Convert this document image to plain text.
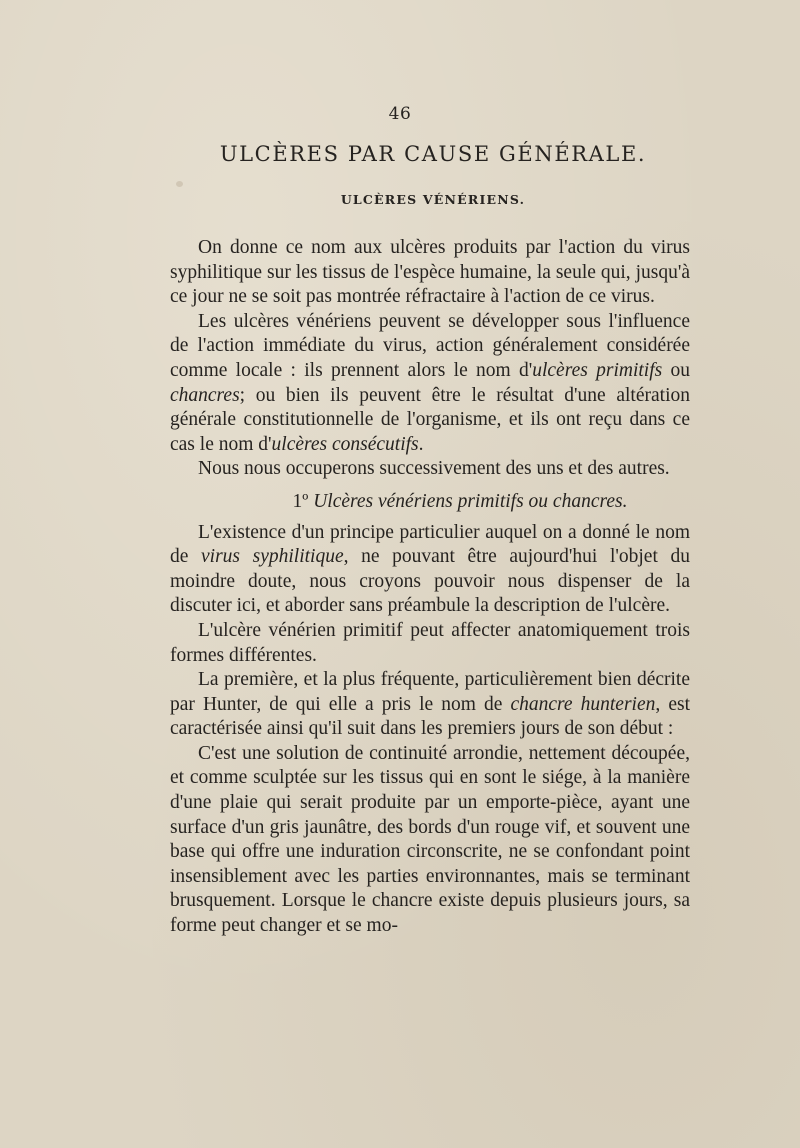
46
ULCÈRES PAR CAUSE GÉNÉRALE.
ULCÈRES VÉNÉRIENS.

On donne ce nom aux ulcères produits par l'action du virus syphilitique sur les tissus de l'espèce humaine, la seule qui, jusqu'à ce jour ne se soit pas montrée réfractaire à l'action de ce virus.

Les ulcères vénériens peuvent se développer sous l'influence de l'action immédiate du virus, action généralement considérée comme locale : ils prennent alors le nom d'ulcères primitifs ou chancres; ou bien ils peuvent être le résultat d'une altération générale constitutionnelle de l'organisme, et ils ont reçu dans ce cas le nom d'ulcères consécutifs.

Nous nous occuperons successivement des uns et des autres.

1º Ulcères vénériens primitifs ou chancres.

L'existence d'un principe particulier auquel on a donné le nom de virus syphilitique, ne pouvant être aujourd'hui l'objet du moindre doute, nous croyons pouvoir nous dispenser de la discuter ici, et aborder sans préambule la description de l'ulcère.

L'ulcère vénérien primitif peut affecter anatomiquement trois formes différentes.

La première, et la plus fréquente, particulièrement bien décrite par Hunter, de qui elle a pris le nom de chancre hunterien, est caractérisée ainsi qu'il suit dans les premiers jours de son début :

C'est une solution de continuité arrondie, nettement découpée, et comme sculptée sur les tissus qui en sont le siége, à la manière d'une plaie qui serait produite par un emporte-pièce, ayant une surface d'un gris jaunâtre, des bords d'un rouge vif, et souvent une base qui offre une induration circonscrite, ne se confondant point insensiblement avec les parties environnantes, mais se terminant brusquement. Lorsque le chancre existe depuis plusieurs jours, sa forme peut changer et se mo-
